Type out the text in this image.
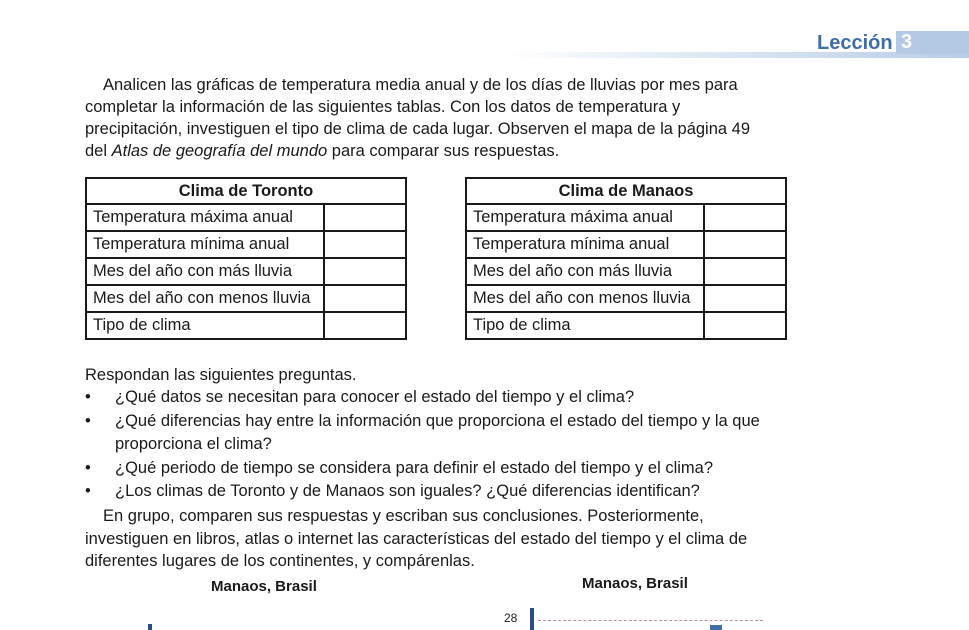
Lección 3

Analicen las gráficas de temperatura media anual y de los días de lluvias por mes para completar la información de las siguientes tablas. Con los datos de temperatura y precipitación, investiguen el tipo de clima de cada lugar. Observen el mapa de la página 49 del Atlas de geografía del mundo para comparar sus respuestas.

Clima de Toronto	
Temperatura máxima anual	
Temperatura mínima anual	
Mes del año con más lluvia	
Mes del año con menos lluvia	
Tipo de clima	
Clima de Manaos	
Temperatura máxima anual	
Temperatura mínima anual	
Mes del año con más lluvia	
Mes del año con menos lluvia	
Tipo de clima	

Respondan las siguientes preguntas.

• ¿Qué datos se necesitan para conocer el estado del tiempo y el clima?
• ¿Qué diferencias hay entre la información que proporciona el estado del tiempo y la que proporciona el clima?
• ¿Qué periodo de tiempo se considera para definir el estado del tiempo y el clima?
• ¿Los climas de Toronto y de Manaos son iguales? ¿Qué diferencias identifican?

En grupo, comparen sus respuestas y escriban sus conclusiones. Posteriormente, investiguen en libros, atlas o internet las características del estado del tiempo y el clima de diferentes lugares de los continentes, y compárenlas.

Manaos, Brasil	Manaos, Brasil
28
